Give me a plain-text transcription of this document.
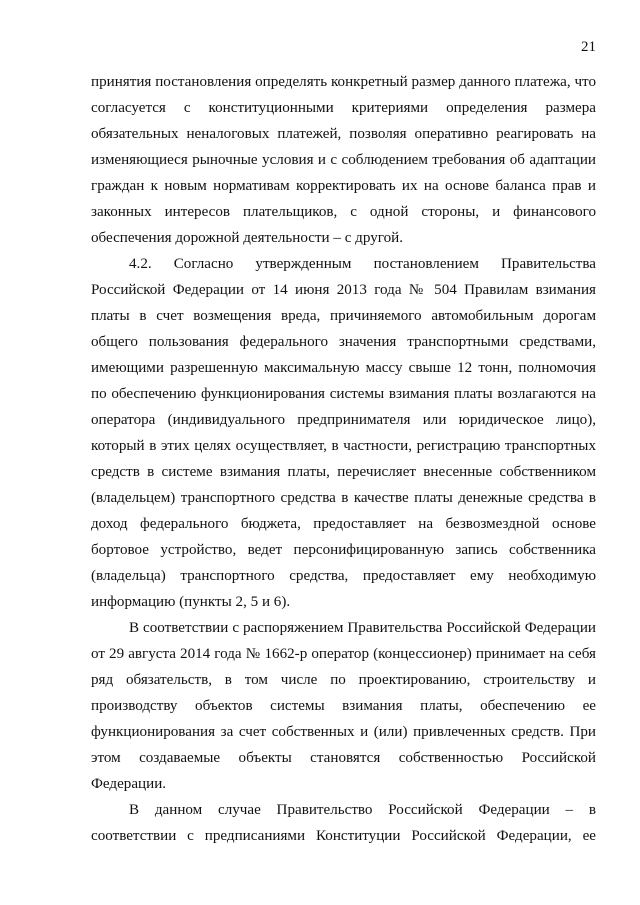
21

принятия постановления определять конкретный размер данного платежа, что согласуется с конституционными критериями определения размера обязательных неналоговых платежей, позволяя оперативно реагировать на изменяющиеся рыночные условия и с соблюдением требования об адаптации граждан к новым нормативам корректировать их на основе баланса прав и законных интересов плательщиков, с одной стороны, и финансового обеспечения дорожной деятельности – с другой.

4.2. Согласно утвержденным постановлением Правительства Российской Федерации от 14 июня 2013 года № 504 Правилам взимания платы в счет возмещения вреда, причиняемого автомобильным дорогам общего пользования федерального значения транспортными средствами, имеющими разрешенную максимальную массу свыше 12 тонн, полномочия по обеспечению функционирования системы взимания платы возлагаются на оператора (индивидуального предпринимателя или юридическое лицо), который в этих целях осуществляет, в частности, регистрацию транспортных средств в системе взимания платы, перечисляет внесенные собственником (владельцем) транспортного средства в качестве платы денежные средства в доход федерального бюджета, предоставляет на безвозмездной основе бортовое устройство, ведет персонифицированную запись собственника (владельца) транспортного средства, предоставляет ему необходимую информацию (пункты 2, 5 и 6).

В соответствии с распоряжением Правительства Российской Федерации от 29 августа 2014 года № 1662-р оператор (концессионер) принимает на себя ряд обязательств, в том числе по проектированию, строительству и производству объектов системы взимания платы, обеспечению ее функционирования за счет собственных и (или) привлеченных средств. При этом создаваемые объекты становятся собственностью Российской Федерации.

В данном случае Правительство Российской Федерации – в соответствии с предписаниями Конституции Российской Федерации, ее
